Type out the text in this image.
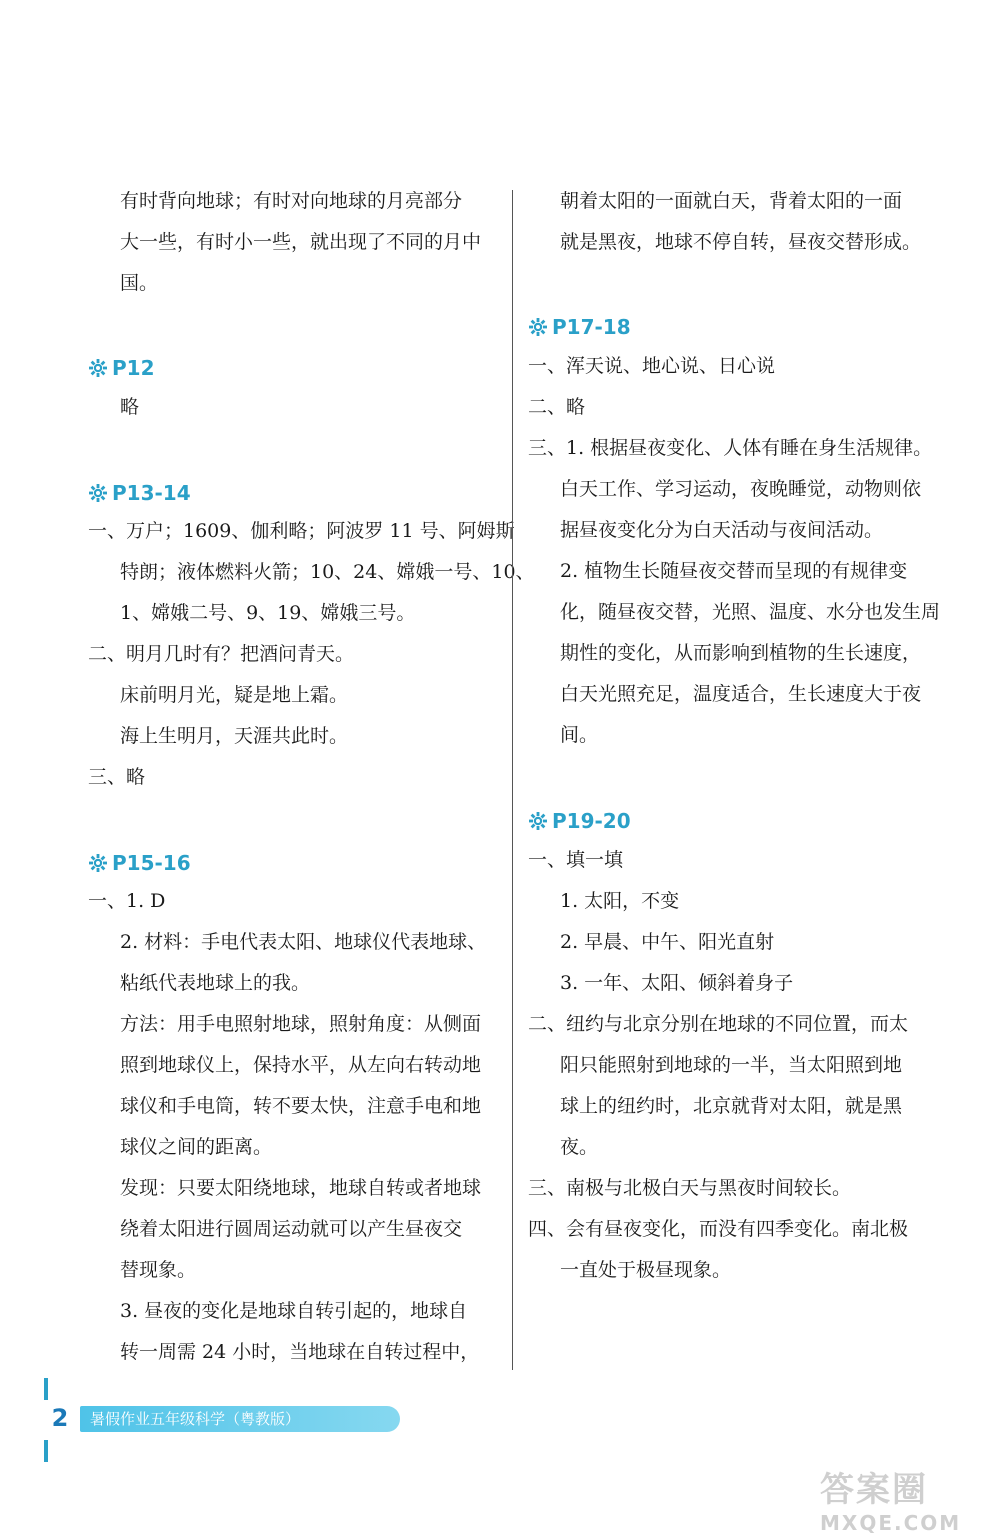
有时背向地球；有时对向地球的月亮部分
大一些，有时小一些，就出现了不同的月中
国。
P12
略
P13-14
一、万户；1609、伽利略；阿波罗 11 号、阿姆斯
特朗；液体燃料火箭；10、24、嫦娥一号、10、
1、嫦娥二号、9、19、嫦娥三号。
二、明月几时有？把酒问青天。
床前明月光，疑是地上霜。
海上生明月，天涯共此时。
三、略
P15-16
一、1. D
2. 材料：手电代表太阳、地球仪代表地球、
粘纸代表地球上的我。
方法：用手电照射地球，照射角度：从侧面
照到地球仪上，保持水平，从左向右转动地
球仪和手电筒，转不要太快，注意手电和地
球仪之间的距离。
发现：只要太阳绕地球，地球自转或者地球
绕着太阳进行圆周运动就可以产生昼夜交
替现象。
3. 昼夜的变化是地球自转引起的，地球自
转一周需 24 小时，当地球在自转过程中，
朝着太阳的一面就白天，背着太阳的一面
就是黑夜，地球不停自转，昼夜交替形成。
P17-18
一、浑天说、地心说、日心说
二、略
三、1. 根据昼夜变化、人体有睡在身生活规律。
白天工作、学习运动，夜晚睡觉，动物则依
据昼夜变化分为白天活动与夜间活动。
2. 植物生长随昼夜交替而呈现的有规律变
化，随昼夜交替，光照、温度、水分也发生周
期性的变化，从而影响到植物的生长速度，
白天光照充足，温度适合，生长速度大于夜
间。
P19-20
一、填一填
1. 太阳，不变
2. 早晨、中午、阳光直射
3. 一年、太阳、倾斜着身子
二、纽约与北京分别在地球的不同位置，而太
阳只能照射到地球的一半，当太阳照到地
球上的纽约时，北京就背对太阳，就是黑
夜。
三、南极与北极白天与黑夜时间较长。
四、会有昼夜变化，而没有四季变化。南北极
一直处于极昼现象。
2	暑假作业五年级科学（粤教版）
答案圈
MXQE.COM
